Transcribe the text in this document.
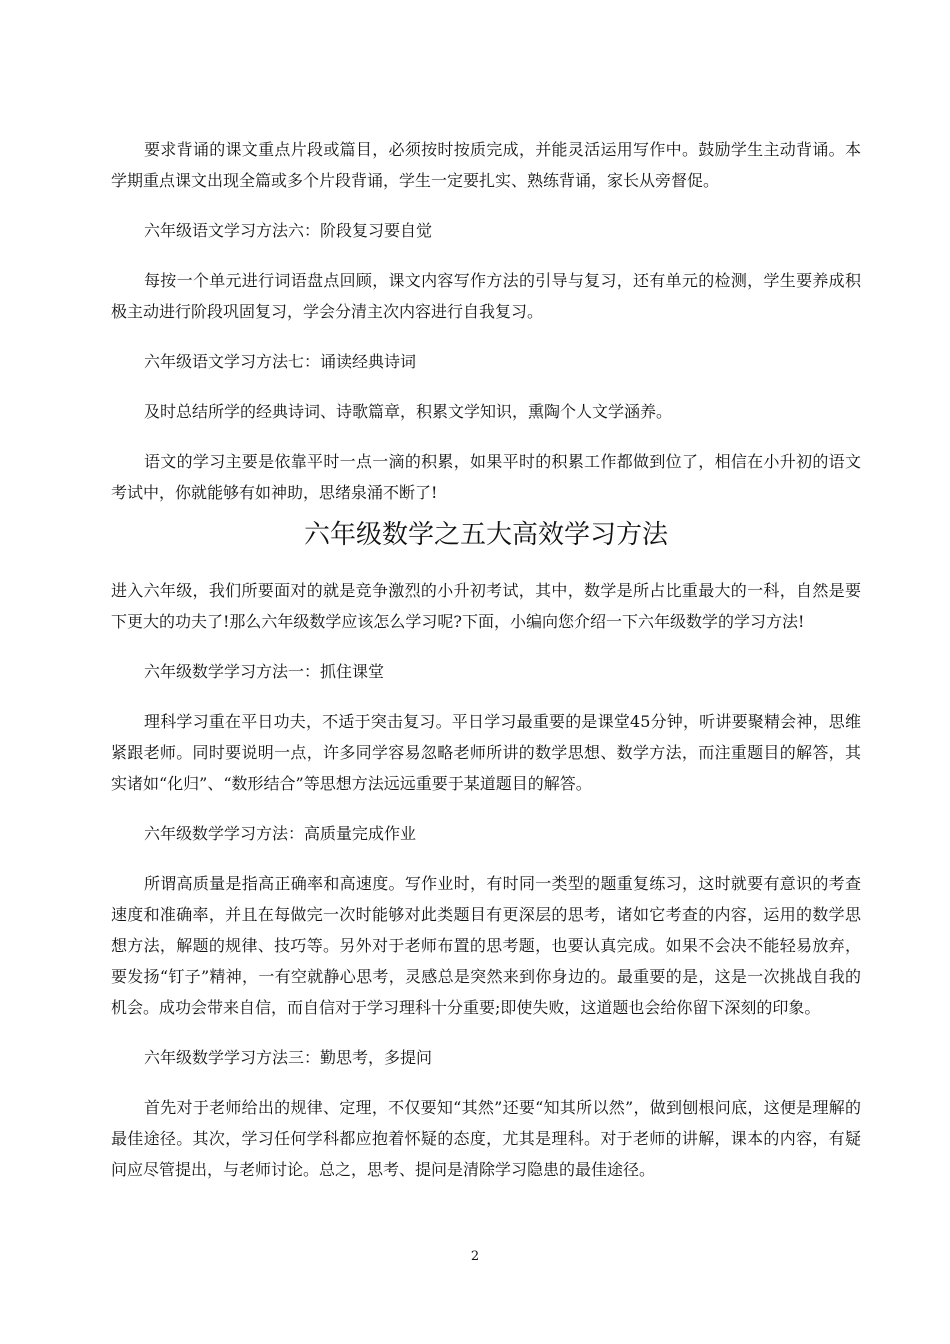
要求背诵的课文重点片段或篇目，必须按时按质完成，并能灵活运用写作中。鼓励学生主动背诵。本学期重点课文出现全篇或多个片段背诵，学生一定要扎实、熟练背诵，家长从旁督促。

六年级语文学习方法六：阶段复习要自觉

每按一个单元进行词语盘点回顾，课文内容写作方法的引导与复习，还有单元的检测，学生要养成积极主动进行阶段巩固复习，学会分清主次内容进行自我复习。

六年级语文学习方法七：诵读经典诗词

及时总结所学的经典诗词、诗歌篇章，积累文学知识，熏陶个人文学涵养。

语文的学习主要是依靠平时一点一滴的积累，如果平时的积累工作都做到位了，相信在小升初的语文考试中，你就能够有如神助，思绪泉涌不断了!

六年级数学之五大高效学习方法

进入六年级，我们所要面对的就是竞争激烈的小升初考试，其中，数学是所占比重最大的一科，自然是要下更大的功夫了!那么六年级数学应该怎么学习呢?下面，小编向您介绍一下六年级数学的学习方法!

六年级数学学习方法一：抓住课堂

理科学习重在平日功夫，不适于突击复习。平日学习最重要的是课堂45分钟，听讲要聚精会神，思维紧跟老师。同时要说明一点，许多同学容易忽略老师所讲的数学思想、数学方法，而注重题目的解答，其实诸如“化归”、“数形结合”等思想方法远远重要于某道题目的解答。

六年级数学学习方法：高质量完成作业

所谓高质量是指高正确率和高速度。写作业时，有时同一类型的题重复练习，这时就要有意识的考查速度和准确率，并且在每做完一次时能够对此类题目有更深层的思考，诸如它考查的内容，运用的数学思想方法，解题的规律、技巧等。另外对于老师布置的思考题，也要认真完成。如果不会决不能轻易放弃，要发扬“钉子”精神，一有空就静心思考，灵感总是突然来到你身边的。最重要的是，这是一次挑战自我的机会。成功会带来自信，而自信对于学习理科十分重要;即使失败，这道题也会给你留下深刻的印象。

六年级数学学习方法三：勤思考，多提问

首先对于老师给出的规律、定理，不仅要知“其然”还要“知其所以然”，做到刨根问底，这便是理解的最佳途径。其次，学习任何学科都应抱着怀疑的态度，尤其是理科。对于老师的讲解，课本的内容，有疑问应尽管提出，与老师讨论。总之，思考、提问是清除学习隐患的最佳途径。

2
